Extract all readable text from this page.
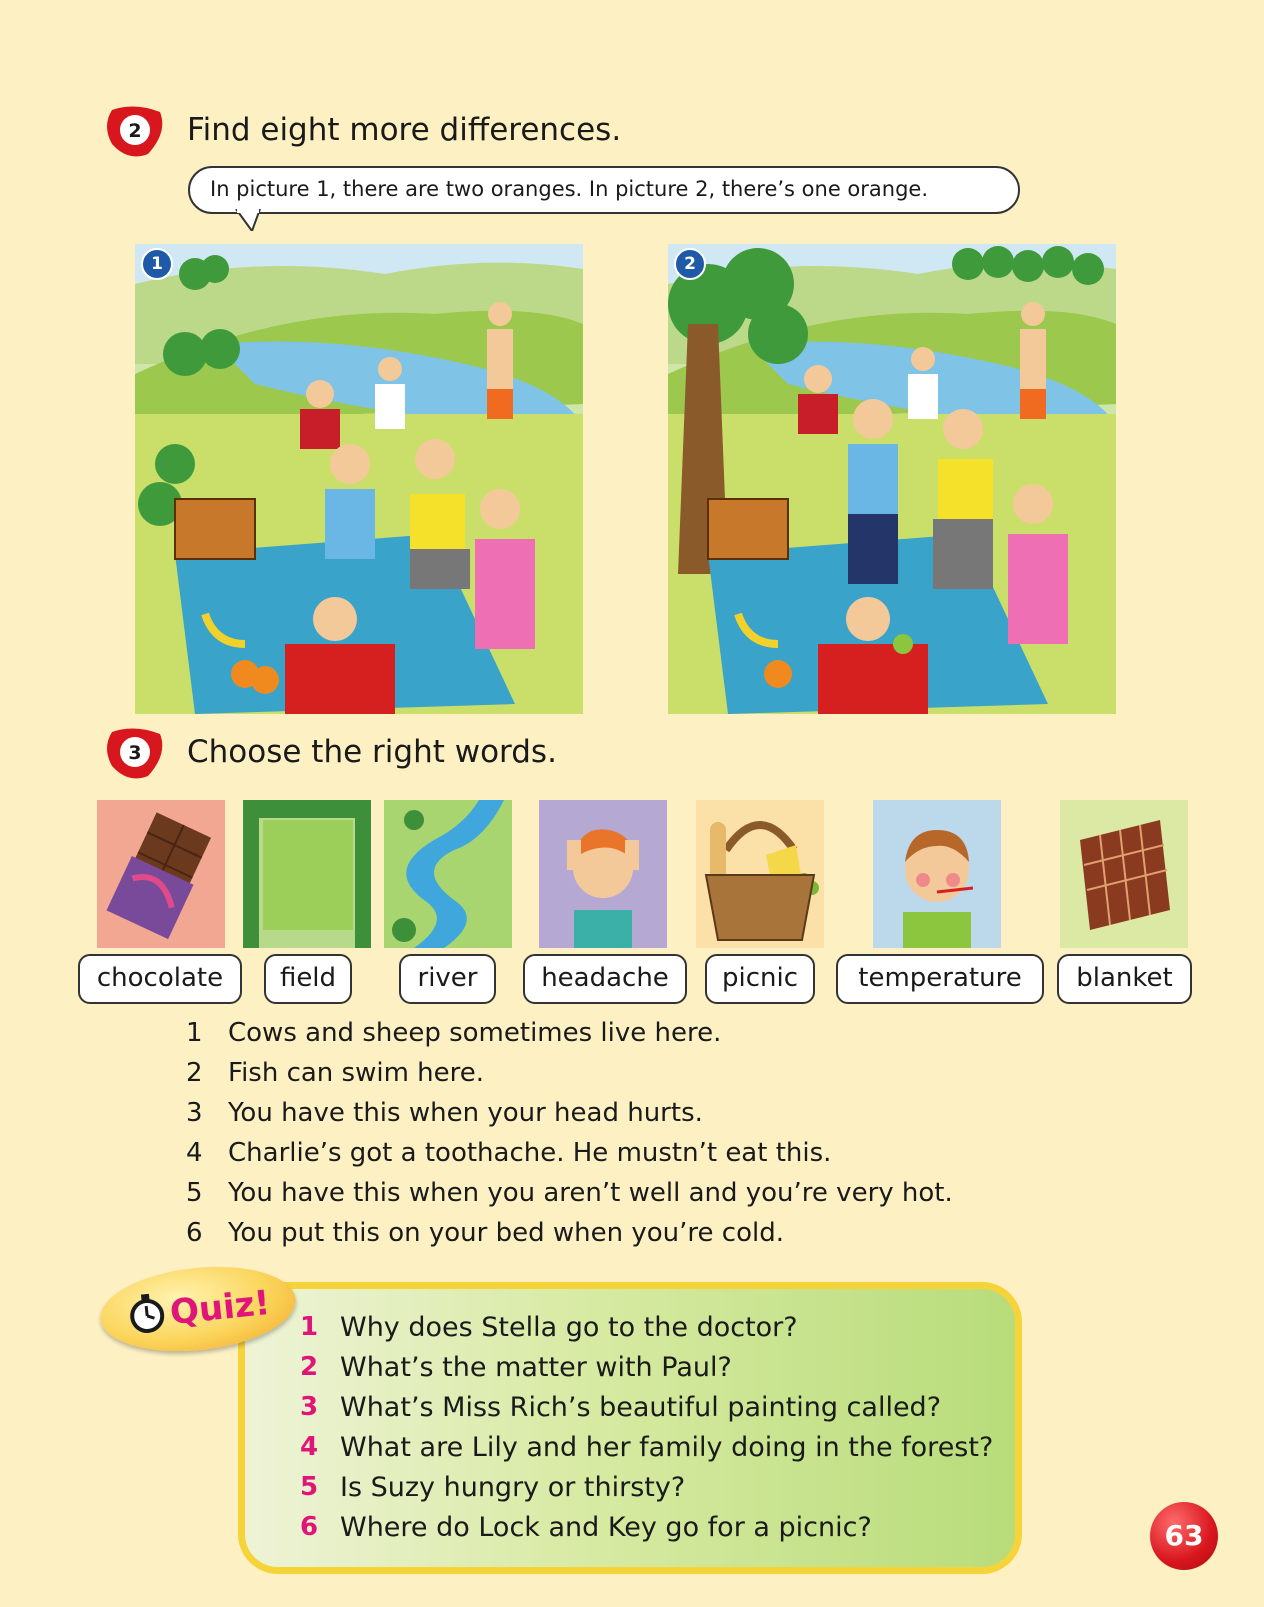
2 Find eight more differences.
In picture 1, there are two oranges. In picture 2, there’s one orange.
1	2
3 Choose the right words.
chocolate	field	river	headache	picnic	temperature	blanket
1 Cows and sheep sometimes live here.
2 Fish can swim here.
3 You have this when your head hurts.
4 Charlie’s got a toothache. He mustn’t eat this.
5 You have this when you aren’t well and you’re very hot.
6 You put this on your bed when you’re cold.
Quiz! 1 Why does Stella go to the doctor?
2 What’s the matter with Paul?
3 What’s Miss Rich’s beautiful painting called?
4 What are Lily and her family doing in the forest?
5 Is Suzy hungry or thirsty?
6 Where do Lock and Key go for a picnic?	63
